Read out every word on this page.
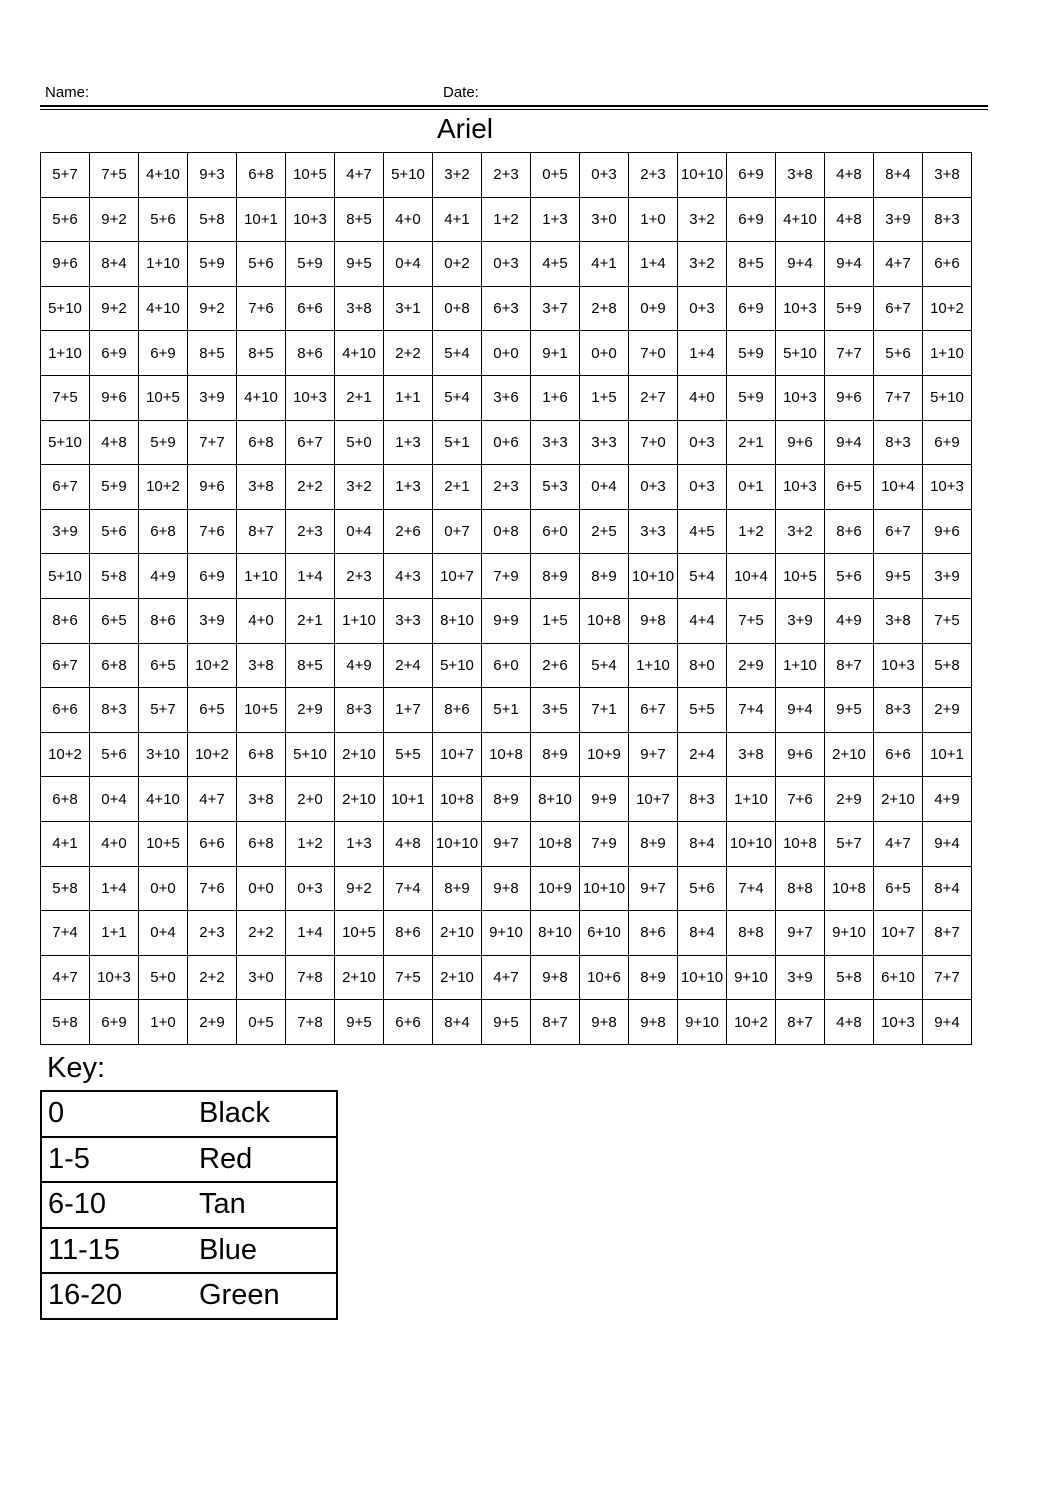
Name:	Date:
Ariel
5+7	7+5	4+10	9+3	6+8	10+5	4+7	5+10	3+2	2+3	0+5	0+3	2+3	10+10	6+9	3+8	4+8	8+4	3+8
5+6	9+2	5+6	5+8	10+1	10+3	8+5	4+0	4+1	1+2	1+3	3+0	1+0	3+2	6+9	4+10	4+8	3+9	8+3
9+6	8+4	1+10	5+9	5+6	5+9	9+5	0+4	0+2	0+3	4+5	4+1	1+4	3+2	8+5	9+4	9+4	4+7	6+6
5+10	9+2	4+10	9+2	7+6	6+6	3+8	3+1	0+8	6+3	3+7	2+8	0+9	0+3	6+9	10+3	5+9	6+7	10+2
1+10	6+9	6+9	8+5	8+5	8+6	4+10	2+2	5+4	0+0	9+1	0+0	7+0	1+4	5+9	5+10	7+7	5+6	1+10
7+5	9+6	10+5	3+9	4+10	10+3	2+1	1+1	5+4	3+6	1+6	1+5	2+7	4+0	5+9	10+3	9+6	7+7	5+10
5+10	4+8	5+9	7+7	6+8	6+7	5+0	1+3	5+1	0+6	3+3	3+3	7+0	0+3	2+1	9+6	9+4	8+3	6+9
6+7	5+9	10+2	9+6	3+8	2+2	3+2	1+3	2+1	2+3	5+3	0+4	0+3	0+3	0+1	10+3	6+5	10+4	10+3
3+9	5+6	6+8	7+6	8+7	2+3	0+4	2+6	0+7	0+8	6+0	2+5	3+3	4+5	1+2	3+2	8+6	6+7	9+6
5+10	5+8	4+9	6+9	1+10	1+4	2+3	4+3	10+7	7+9	8+9	8+9	10+10	5+4	10+4	10+5	5+6	9+5	3+9
8+6	6+5	8+6	3+9	4+0	2+1	1+10	3+3	8+10	9+9	1+5	10+8	9+8	4+4	7+5	3+9	4+9	3+8	7+5
6+7	6+8	6+5	10+2	3+8	8+5	4+9	2+4	5+10	6+0	2+6	5+4	1+10	8+0	2+9	1+10	8+7	10+3	5+8
6+6	8+3	5+7	6+5	10+5	2+9	8+3	1+7	8+6	5+1	3+5	7+1	6+7	5+5	7+4	9+4	9+5	8+3	2+9
10+2	5+6	3+10	10+2	6+8	5+10	2+10	5+5	10+7	10+8	8+9	10+9	9+7	2+4	3+8	9+6	2+10	6+6	10+1
6+8	0+4	4+10	4+7	3+8	2+0	2+10	10+1	10+8	8+9	8+10	9+9	10+7	8+3	1+10	7+6	2+9	2+10	4+9
4+1	4+0	10+5	6+6	6+8	1+2	1+3	4+8	10+10	9+7	10+8	7+9	8+9	8+4	10+10	10+8	5+7	4+7	9+4
5+8	1+4	0+0	7+6	0+0	0+3	9+2	7+4	8+9	9+8	10+9	10+10	9+7	5+6	7+4	8+8	10+8	6+5	8+4
7+4	1+1	0+4	2+3	2+2	1+4	10+5	8+6	2+10	9+10	8+10	6+10	8+6	8+4	8+8	9+7	9+10	10+7	8+7
4+7	10+3	5+0	2+2	3+0	7+8	2+10	7+5	2+10	4+7	9+8	10+6	8+9	10+10	9+10	3+9	5+8	6+10	7+7
5+8	6+9	1+0	2+9	0+5	7+8	9+5	6+6	8+4	9+5	8+7	9+8	9+8	9+10	10+2	8+7	4+8	10+3	9+4
Key:
0	Black
1-5	Red
6-10	Tan
11-15	Blue
16-20	Green
